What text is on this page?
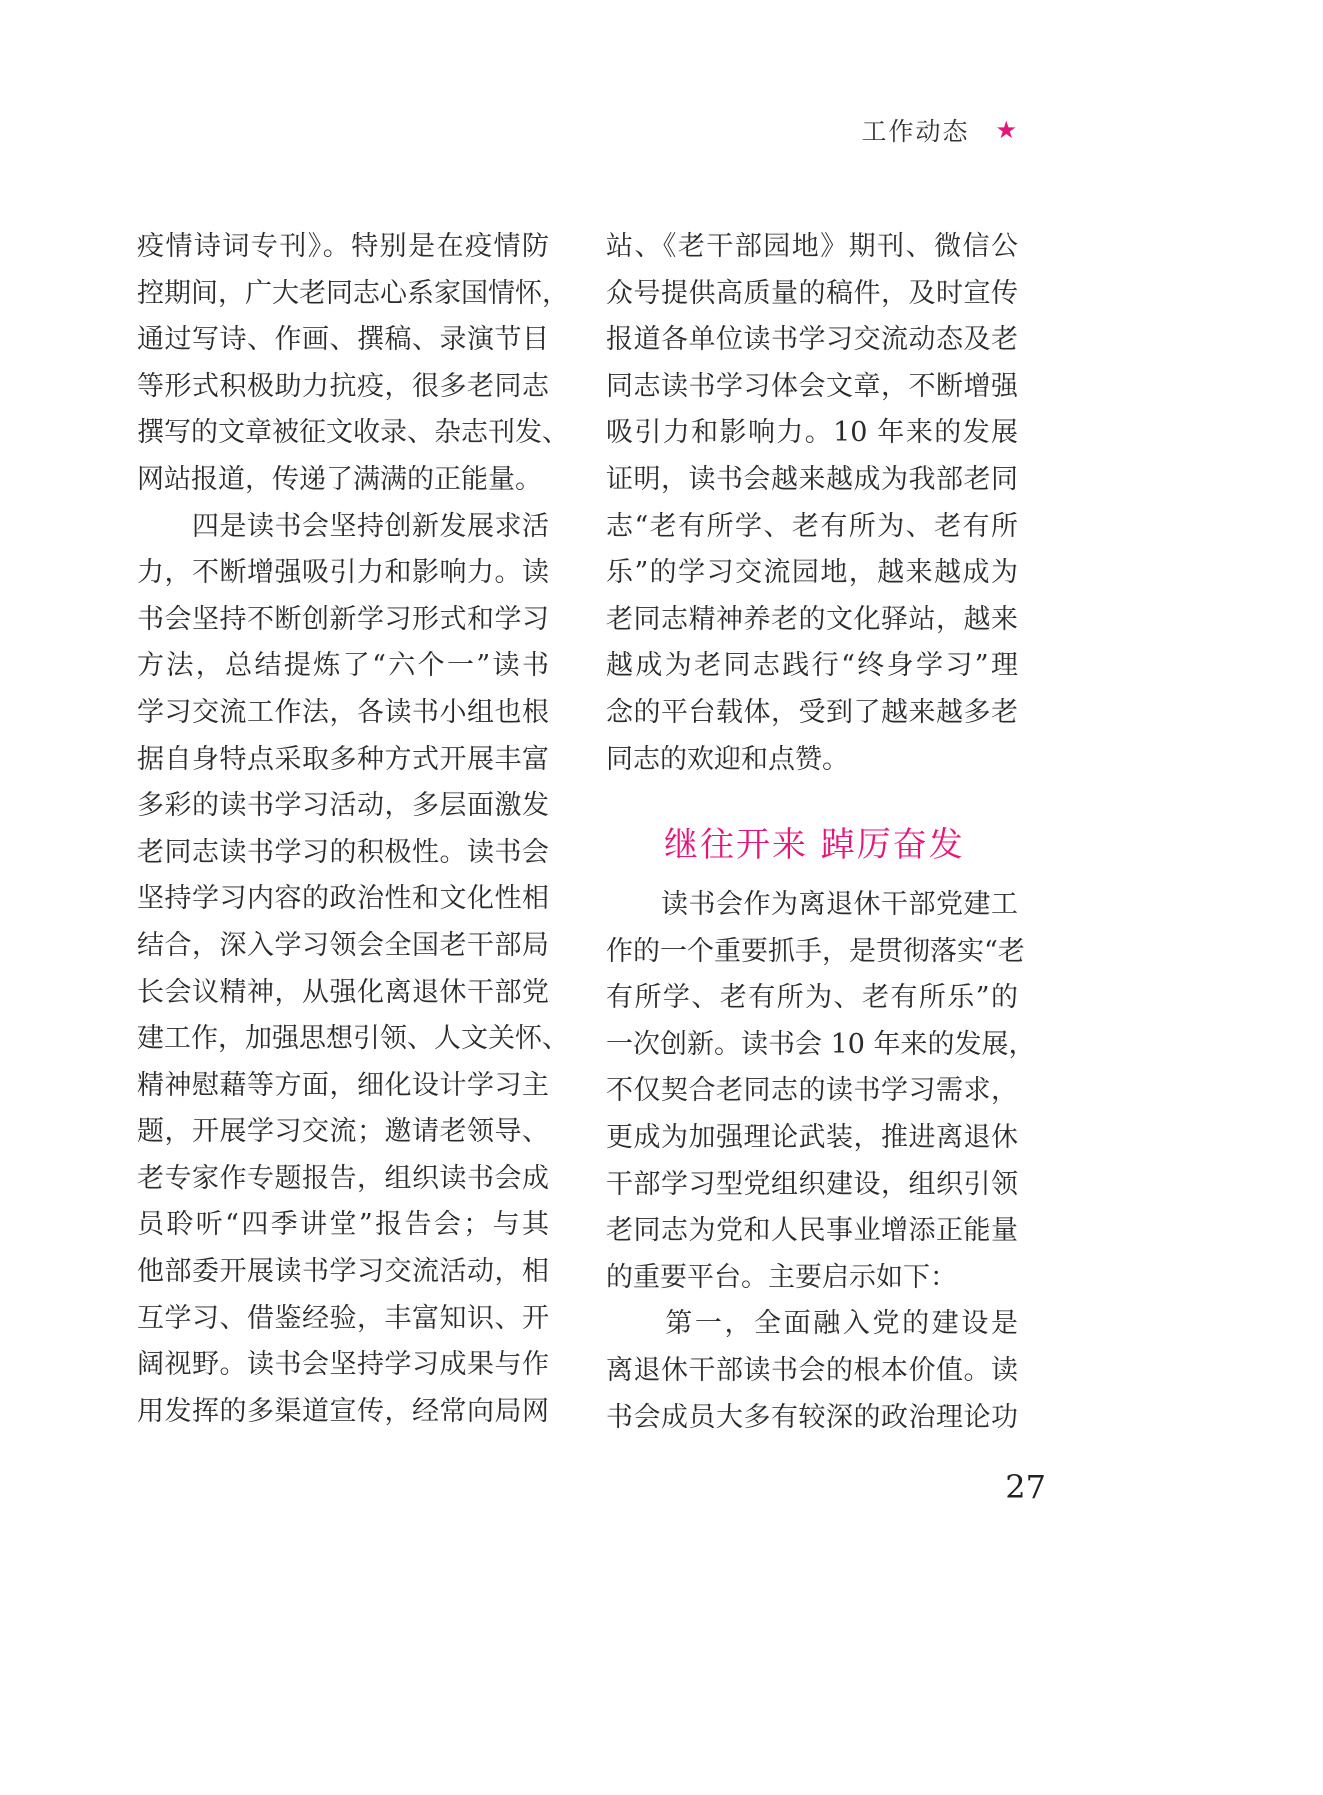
工作动态 ★
疫情诗词专刊》。特别是在疫情防
控期间，广大老同志心系家国情怀，
通过写诗、作画、撰稿、录演节目
等形式积极助力抗疫，很多老同志
撰写的文章被征文收录、杂志刊发、
网站报道，传递了满满的正能量。
　　四是读书会坚持创新发展求活
力，不断增强吸引力和影响力。读
书会坚持不断创新学习形式和学习
方法，总结提炼了“六个一”读书
学习交流工作法，各读书小组也根
据自身特点采取多种方式开展丰富
多彩的读书学习活动，多层面激发
老同志读书学习的积极性。读书会
坚持学习内容的政治性和文化性相
结合，深入学习领会全国老干部局
长会议精神，从强化离退休干部党
建工作，加强思想引领、人文关怀、
精神慰藉等方面，细化设计学习主
题，开展学习交流；邀请老领导、
老专家作专题报告，组织读书会成
员聆听“四季讲堂”报告会；与其
他部委开展读书学习交流活动，相
互学习、借鉴经验，丰富知识、开
阔视野。读书会坚持学习成果与作
用发挥的多渠道宣传，经常向局网
站、《老干部园地》期刊、微信公
众号提供高质量的稿件，及时宣传
报道各单位读书学习交流动态及老
同志读书学习体会文章，不断增强
吸引力和影响力。10 年来的发展
证明，读书会越来越成为我部老同
志“老有所学、老有所为、老有所
乐”的学习交流园地，越来越成为
老同志精神养老的文化驿站，越来
越成为老同志践行“终身学习”理
念的平台载体，受到了越来越多老
同志的欢迎和点赞。
继往开来 踔厉奋发
　　读书会作为离退休干部党建工
作的一个重要抓手，是贯彻落实“老
有所学、老有所为、老有所乐”的
一次创新。读书会 10 年来的发展，
不仅契合老同志的读书学习需求，
更成为加强理论武装，推进离退休
干部学习型党组织建设，组织引领
老同志为党和人民事业增添正能量
的重要平台。主要启示如下：
　　第一，全面融入党的建设是
离退休干部读书会的根本价值。读
书会成员大多有较深的政治理论功
27
